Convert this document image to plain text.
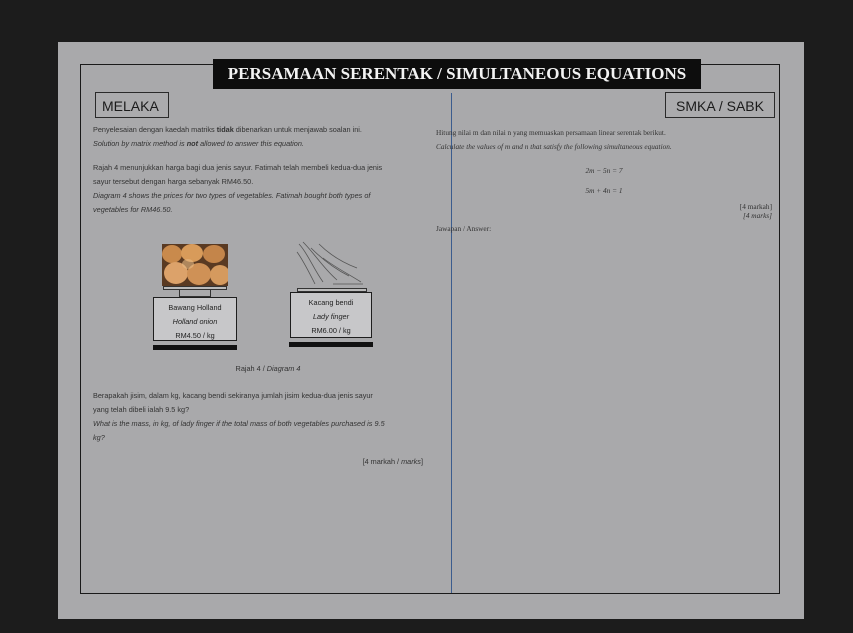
PERSAMAAN SERENTAK / SIMULTANEOUS EQUATIONS
MELAKA	SMKA / SABK

Penyelesaian dengan kaedah matriks tidak dibenarkan untuk menjawab soalan ini.

Solution by matrix method is not allowed to answer this equation.

Rajah 4 menunjukkan harga bagi dua jenis sayur. Fatimah telah membeli kedua-dua jenis

sayur tersebut dengan harga sebanyak RM46.50.

Diagram 4 shows the prices for two types of vegetables. Fatimah bought both types of

vegetables for RM46.50.

Bawang Holland
Holland onion
RM4.50 / kg
Kacang bendi
Lady finger
RM6.00 / kg
Rajah 4 / Diagram 4

Berapakah jisim, dalam kg, kacang bendi sekiranya jumlah jisim kedua-dua jenis sayur

yang telah dibeli ialah 9.5 kg?

What is the mass, in kg, of lady finger if the total mass of both vegetables purchased is 9.5

kg?

[4 markah / marks]

Hitung nilai m dan nilai n yang memuaskan persamaan linear serentak berikut.

Calculate the values of m and n that satisfy the following simultaneous equation.

2m − 5n = 7

5m + 4n = 1

[4 markah]

[4 marks]

Jawapan / Answer:
